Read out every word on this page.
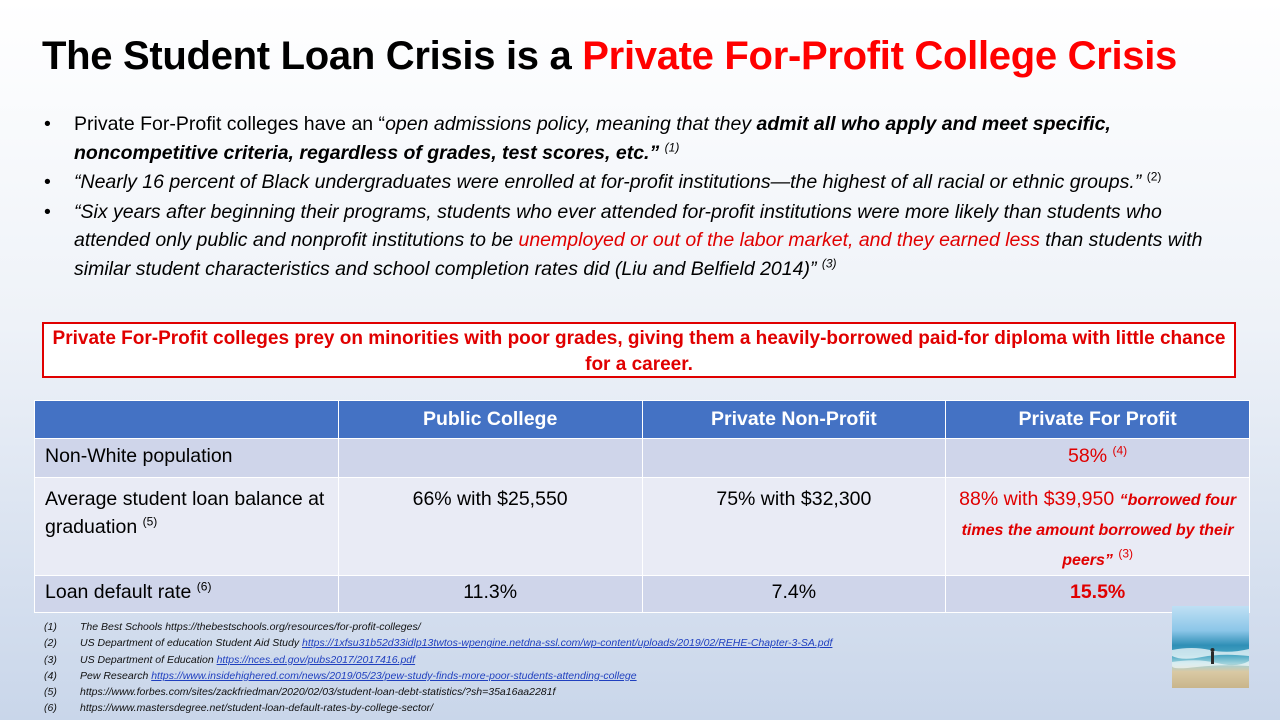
The Student Loan Crisis is a Private For-Profit College Crisis
• Private For-Profit colleges have an “open admissions policy, meaning that they admit all who apply and meet specific, noncompetitive criteria, regardless of grades, test scores, etc.” $^{(1)}$
• “Nearly 16 percent of Black undergraduates were enrolled at for-profit institutions—the highest of all racial or ethnic groups.” $^{(2)}$
• “Six years after beginning their programs, students who ever attended for-profit institutions were more likely than students who attended only public and nonprofit institutions to be unemployed or out of the labor market, and they earned less than students with similar student characteristics and school completion rates did (Liu and Belfield 2014)” $^{(3)}$
Private For-Profit colleges prey on minorities with poor grades, giving them a heavily-borrowed paid-for diploma with little chance for a career.
	Public College	Private Non-Profit	Private For Profit
Non-White population			58% $^{(4)}$
Average student loan balance at graduation $^{(5)}$	66% with $25,550	75% with $32,300	88% with $39,950 “borrowed four times the amount borrowed by their peers” $^{(3)}$
Loan default rate $^{(6)}$	11.3%	7.4%	15.5%
(1) The Best Schools https://thebestschools.org/resources/for-profit-colleges/
(2) US Department of education Student Aid Study https://1xfsu31b52d33idlp13twtos-wpengine.netdna-ssl.com/wp-content/uploads/2019/02/REHE-Chapter-3-SA.pdf
(3) US Department of Education https://nces.ed.gov/pubs2017/2017416.pdf
(4) Pew Research https://www.insidehighered.com/news/2019/05/23/pew-study-finds-more-poor-students-attending-college
(5) https://www.forbes.com/sites/zackfriedman/2020/02/03/student-loan-debt-statistics/?sh=35a16aa2281f
(6) https://www.mastersdegree.net/student-loan-default-rates-by-college-sector/
